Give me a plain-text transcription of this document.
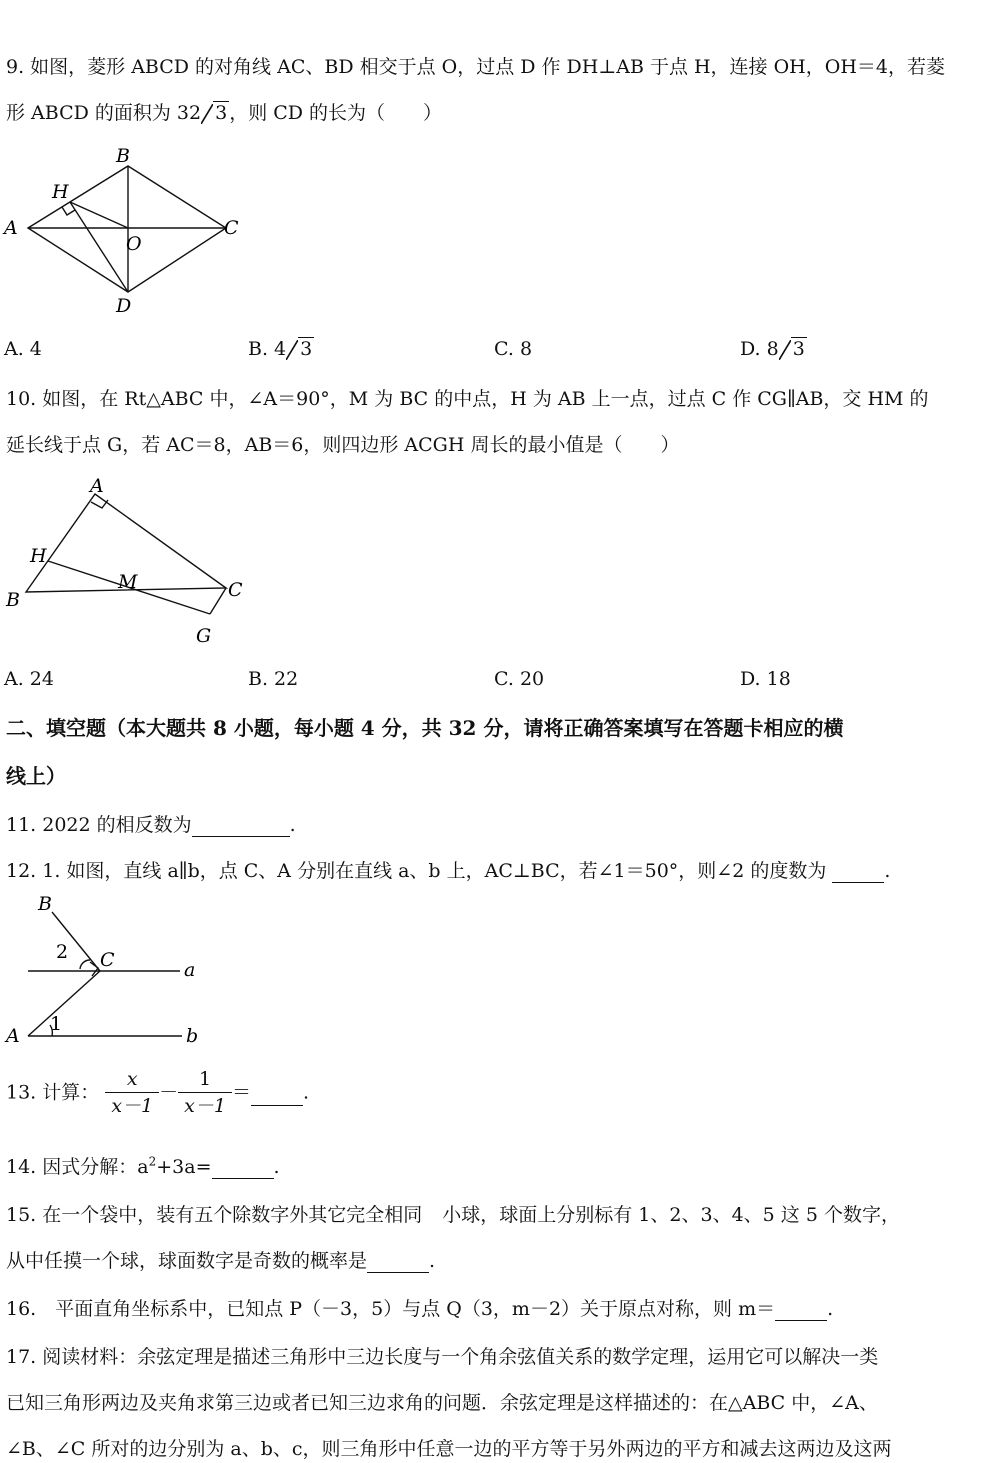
9. 如图，菱形 ABCD 的对角线 AC、BD 相交于点 O，过点 D 作 DH⊥AB 于点 H，连接 OH，OH＝4，若菱
形 ABCD 的面积为 32 3 ，则 CD 的长为（　　）
A
B
C
D
H
O
A. 4	B. 4 3	C. 8	D. 8 3
10. 如图，在 Rt△ABC 中，∠A＝90°，M 为 BC 的中点，H 为 AB 上一点，过点 C 作 CG∥AB，交 HM 的
延长线于点 G，若 AC＝8，AB＝6，则四边形 ACGH 周长的最小值是（　　）
A
B	C
G
H
M
A. 24	B. 22	C. 20	D. 18
二、填空题（本大题共 8 小题，每小题 4 分，共 32 分，请将正确答案填写在答题卡相应的横
线上）
11. 2022 的相反数为	.
12. 1. 如图，直线 a∥b，点 C、A 分别在直线 a、b 上，AC⊥BC，若∠1＝50°，则∠2 的度数为	.
B
C
A
a
b
1
2
13. 计算： $\frac{x}{x-1} - \frac{1}{x-1}$ ＝	.
14. 因式分解：$a^2+3a=$	.
15. 在一个袋中，装有五个除数字外其它完全相同 小球，球面上分别标有 1、2、3、4、5 这 5 个数字，
从中任摸一个球，球面数字是奇数的概率是	.
16.　平面直角坐标系中，已知点 P（－3，5）与点 Q（3，m－2）关于原点对称，则 m＝	.
17. 阅读材料：余弦定理是描述三角形中三边长度与一个角余弦值关系的数学定理，运用它可以解决一类
已知三角形两边及夹角求第三边或者已知三边求角的问题．余弦定理是这样描述的：在△ABC 中，∠A、
∠B、∠C 所对的边分别为 a、b、c，则三角形中任意一边的平方等于另外两边的平方和减去这两边及这两
